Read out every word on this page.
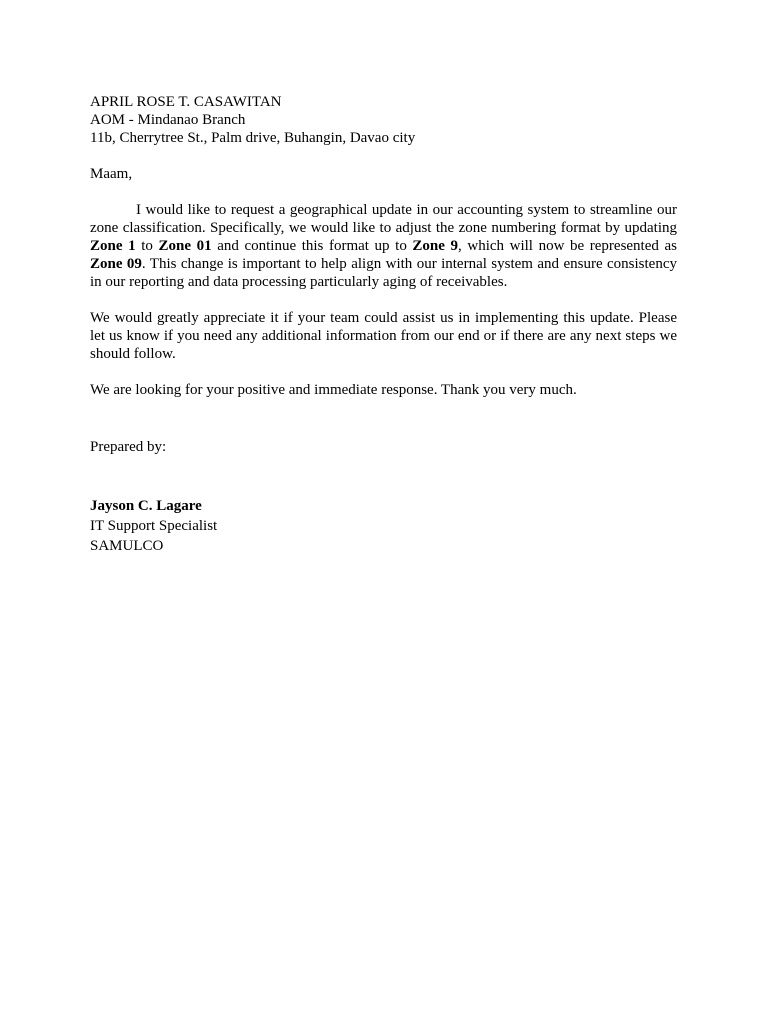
APRIL ROSE T. CASAWITAN
AOM - Mindanao Branch
11b, Cherrytree St., Palm drive, Buhangin, Davao city
Maam,

I would like to request a geographical update in our accounting system to streamline our zone classification. Specifically, we would like to adjust the zone numbering format by updating Zone 1 to Zone 01 and continue this format up to Zone 9, which will now be represented as Zone 09. This change is important to help align with our internal system and ensure consistency in our reporting and data processing particularly aging of receivables.

We would greatly appreciate it if your team could assist us in implementing this update. Please let us know if you need any additional information from our end or if there are any next steps we should follow.

We are looking for your positive and immediate response. Thank you very much.

Prepared by:
Jayson C. Lagare
IT Support Specialist
SAMULCO
